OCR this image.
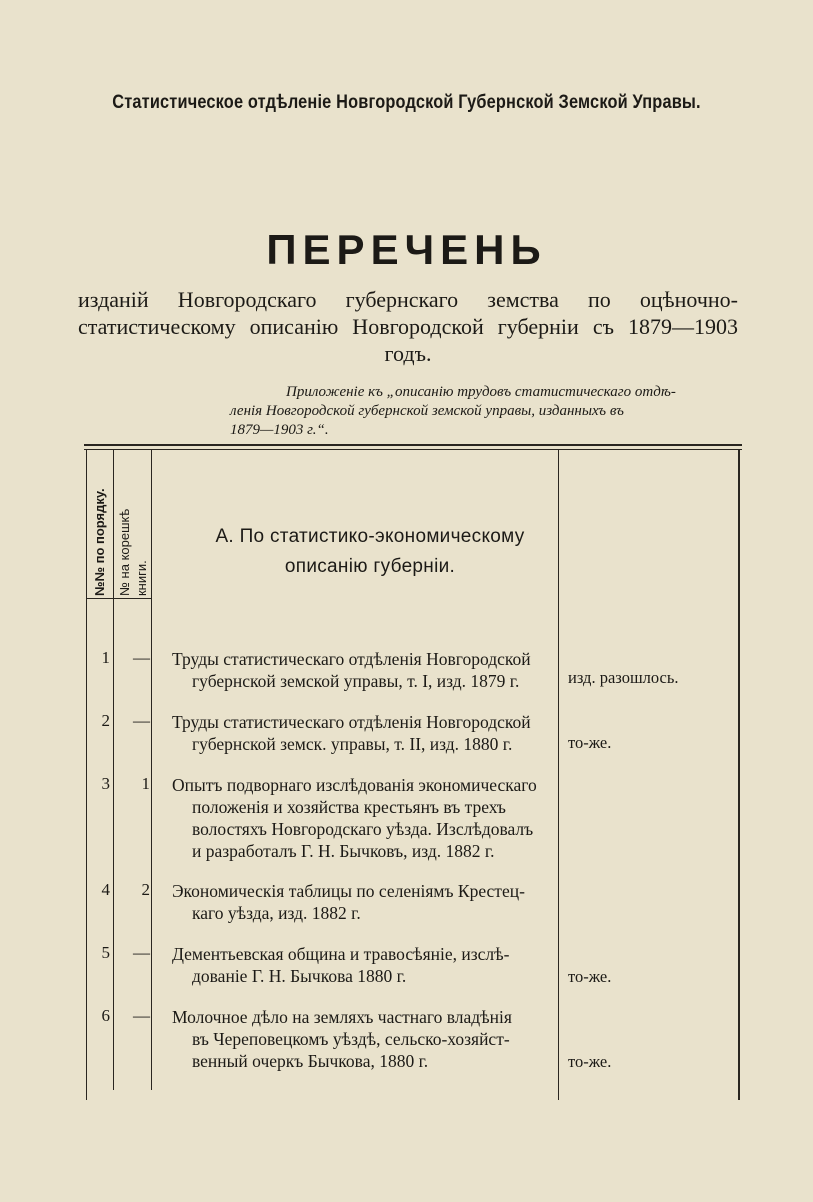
Статистическое отдѣленіе Новгородской Губернской Земской Управы.
ПЕРЕЧЕНЬ
изданій Новгородскаго губернскаго земства по оцѣночно-статистическому описанію Новгородской губерніи съ 1879—1903 годъ.
Приложеніе къ „описанію трудовъ статистическаго отдѣ-
ленія Новгородской губернской земской управы, изданныхъ въ
1879—1903 г.“.
№№ по порядку. № на корешкѣ книги.
А. По статистико-экономическому
описанію губерніи.
1	— Труды статистическаго отдѣленія Новгородской
губернской земской управы, т. I, изд. 1879 г.	изд. разошлось.
2	— Труды статистическаго отдѣленія Новгородской
губернской земск. управы, т. II, изд. 1880 г.	то-же.
3	1 Опытъ подворнаго изслѣдованія экономическаго
положенія и хозяйства крестьянъ въ трехъ
волостяхъ Новгородскаго уѣзда. Изслѣдовалъ
и разработалъ Г. Н. Бычковъ, изд. 1882 г.
4	2 Экономическія таблицы по селеніямъ Крестец-
каго уѣзда, изд. 1882 г.
5	— Дементьевская община и травосѣяніе, изслѣ-
дованіе Г. Н. Бычкова 1880 г.	то-же.
6	— Молочное дѣло на земляхъ частнаго владѣнія
въ Череповецкомъ уѣздѣ, сельско-хозяйст-
венный очеркъ Бычкова, 1880 г.	то-же.
